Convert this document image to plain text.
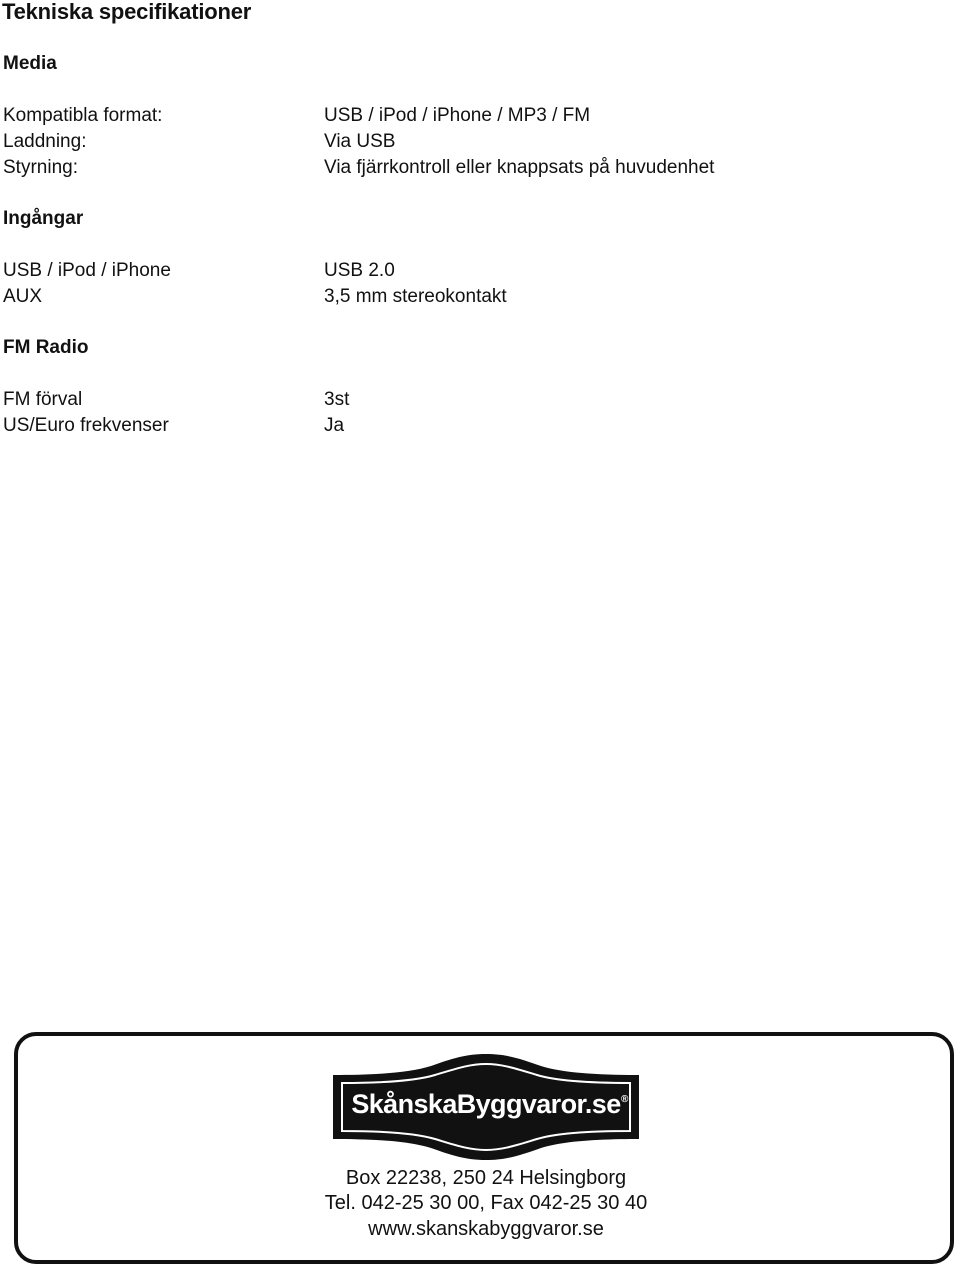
Tekniska specifikationer
Media
Kompatibla format:	USB / iPod / iPhone / MP3 / FM
Laddning:	Via USB
Styrning:	Via fjärrkontroll eller knappsats på huvudenhet
Ingångar
USB / iPod / iPhone	USB 2.0
AUX	3,5 mm stereokontakt
FM Radio
FM förval	3st
US/Euro frekvenser	Ja
SkånskaByggvaror.se ®
Box 22238, 250 24 Helsingborg
Tel. 042-25 30 00, Fax 042-25 30 40
www.skanskabyggvaror.se
